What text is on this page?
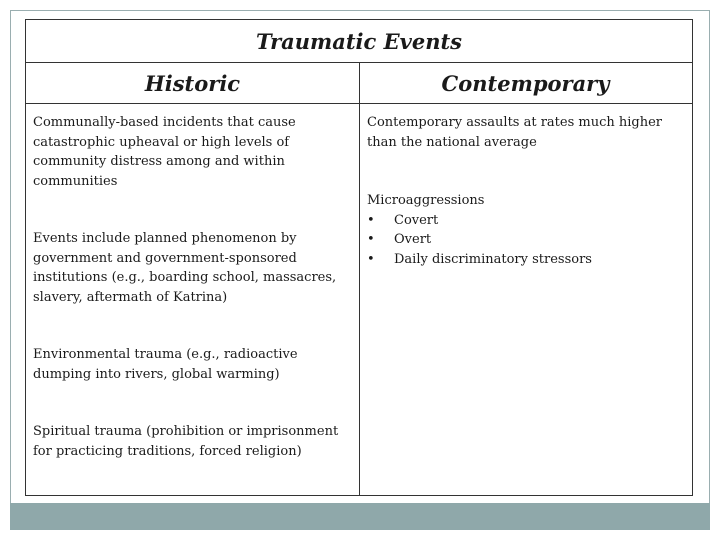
Traumatic Events
Historic	Contemporary
Communally-based incidents that cause catastrophic upheaval or high levels of community distress among and within communities
Events include planned phenomenon by government and government-sponsored institutions (e.g., boarding school, massacres, slavery, aftermath of Katrina)
Environmental trauma (e.g., radioactive dumping into rivers, global warming)
Spiritual trauma (prohibition or imprisonment for practicing traditions, forced religion)
Contemporary assaults at rates much higher than the national average
Microaggressions
• Covert
• Overt
• Daily discriminatory stressors
